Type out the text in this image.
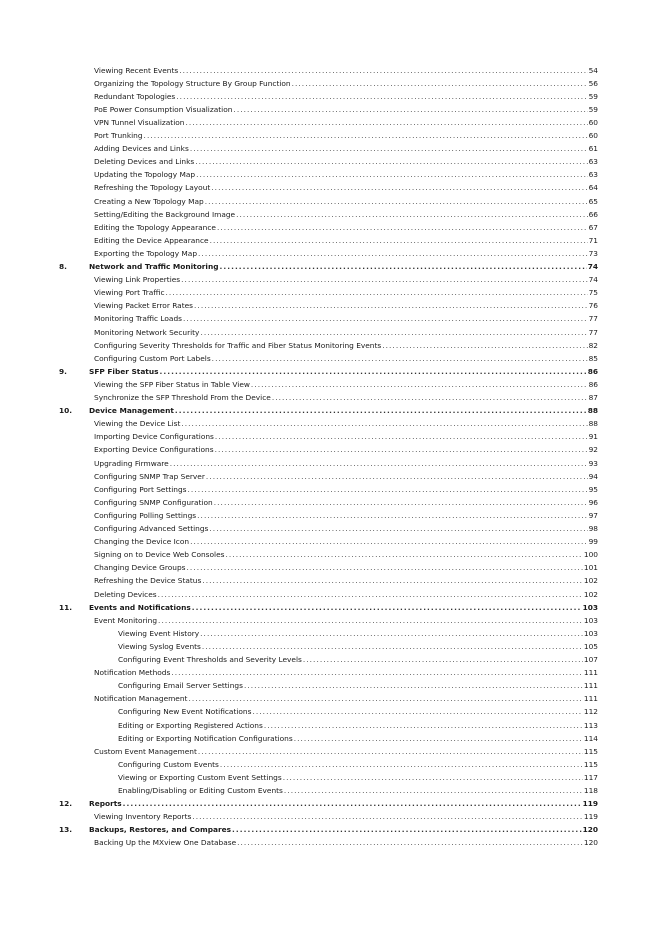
Viewing Recent Events .....	54
Organizing the Topology Structure By Group Function .....	56
Redundant Topologies .....	59
PoE Power Consumption Visualization .....	59
VPN Tunnel Visualization .....	60
Port Trunking .....	60
Adding Devices and Links .....	61
Deleting Devices and Links .....	63
Updating the Topology Map .....	63
Refreshing the Topology Layout .....	64
Creating a New Topology Map .....	65
Setting/Editing the Background Image .....	66
Editing the Topology Appearance .....	67
Editing the Device Appearance .....	71
Exporting the Topology Map .....	73
8.	Network and Traffic Monitoring .....	74
Viewing Link Properties .....	74
Viewing Port Traffic .....	75
Viewing Packet Error Rates .....	76
Monitoring Traffic Loads .....	77
Monitoring Network Security .....	77
Configuring Severity Thresholds for Traffic and Fiber Status Monitoring Events .....	82
Configuring Custom Port Labels .....	85
9.	SFP Fiber Status .....	86
Viewing the SFP Fiber Status in Table View .....	86
Synchronize the SFP Threshold From the Device .....	87
10.	Device Management .....	88
Viewing the Device List .....	88
Importing Device Configurations .....	91
Exporting Device Configurations .....	92
Upgrading Firmware .....	93
Configuring SNMP Trap Server .....	94
Configuring Port Settings .....	95
Configuring SNMP Configuration .....	96
Configuring Polling Settings .....	97
Configuring Advanced Settings .....	98
Changing the Device Icon .....	99
Signing on to Device Web Consoles .....	100
Changing Device Groups .....	101
Refreshing the Device Status .....	102
Deleting Devices .....	102
11.	Events and Notifications .....	103
Event Monitoring .....	103
Viewing Event History .....	103
Viewing Syslog Events .....	105
Configuring Event Thresholds and Severity Levels .....	107
Notification Methods .....	111
Configuring Email Server Settings .....	111
Notification Management .....	111
Configuring New Event Notifications .....	112
Editing or Exporting Registered Actions .....	113
Editing or Exporting Notification Configurations .....	114
Custom Event Management .....	115
Configuring Custom Events .....	115
Viewing or Exporting Custom Event Settings .....	117
Enabling/Disabling or Editing Custom Events .....	118
12.	Reports .....	119
Viewing Inventory Reports .....	119
13.	Backups, Restores, and Compares .....	120
Backing Up the MXview One Database .....	120
